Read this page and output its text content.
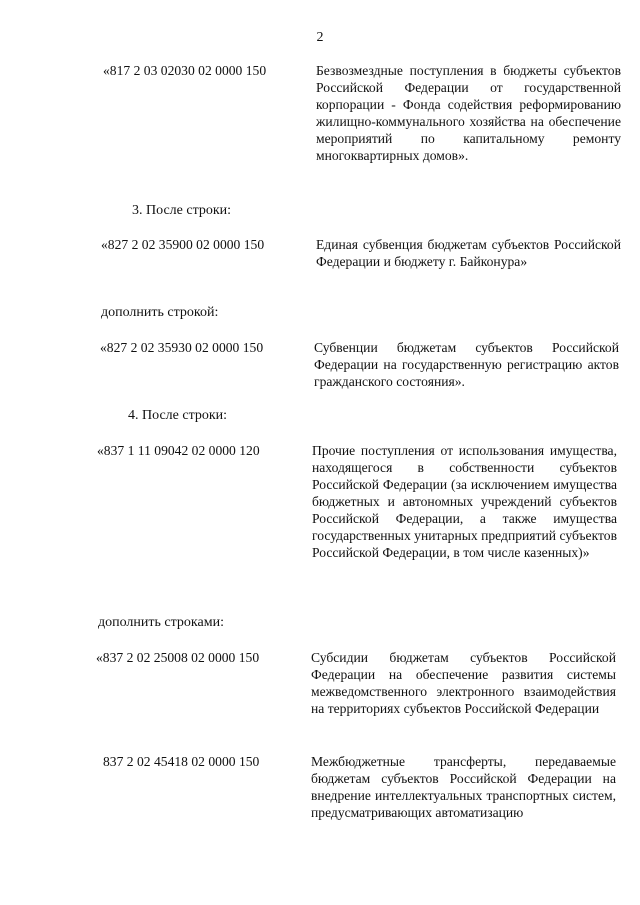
2
«817 2 03 02030 02 0000 150	Безвозмездные поступления в бюджеты субъектов Российской Федерации от государственной корпорации - Фонда содействия реформированию жилищно-коммунального хозяйства на обеспечение мероприятий по капитальному ремонту многоквартирных домов».
3. После строки:
«827 2 02 35900 02 0000 150	Единая субвенция бюджетам субъектов Российской Федерации и бюджету г. Байконура»
дополнить строкой:
«827 2 02 35930 02 0000 150	Субвенции бюджетам субъектов Российской Федерации на государственную регистрацию актов гражданского состояния».
4. После строки:
«837 1 11 09042 02 0000 120	Прочие поступления от использования имущества, находящегося в собственности субъектов Российской Федерации (за исключением имущества бюджетных и автономных учреждений субъектов Российской Федерации, а также имущества государственных унитарных предприятий субъектов Российской Федерации, в том числе казенных)»
дополнить строками:
«837 2 02 25008 02 0000 150	Субсидии бюджетам субъектов Российской Федерации на обеспечение развития системы межведомственного электронного взаимодействия на территориях субъектов Российской Федерации
837 2 02 45418 02 0000 150	Межбюджетные трансферты, передаваемые бюджетам субъектов Российской Федерации на внедрение интеллектуальных транспортных систем, предусматривающих автоматизацию
